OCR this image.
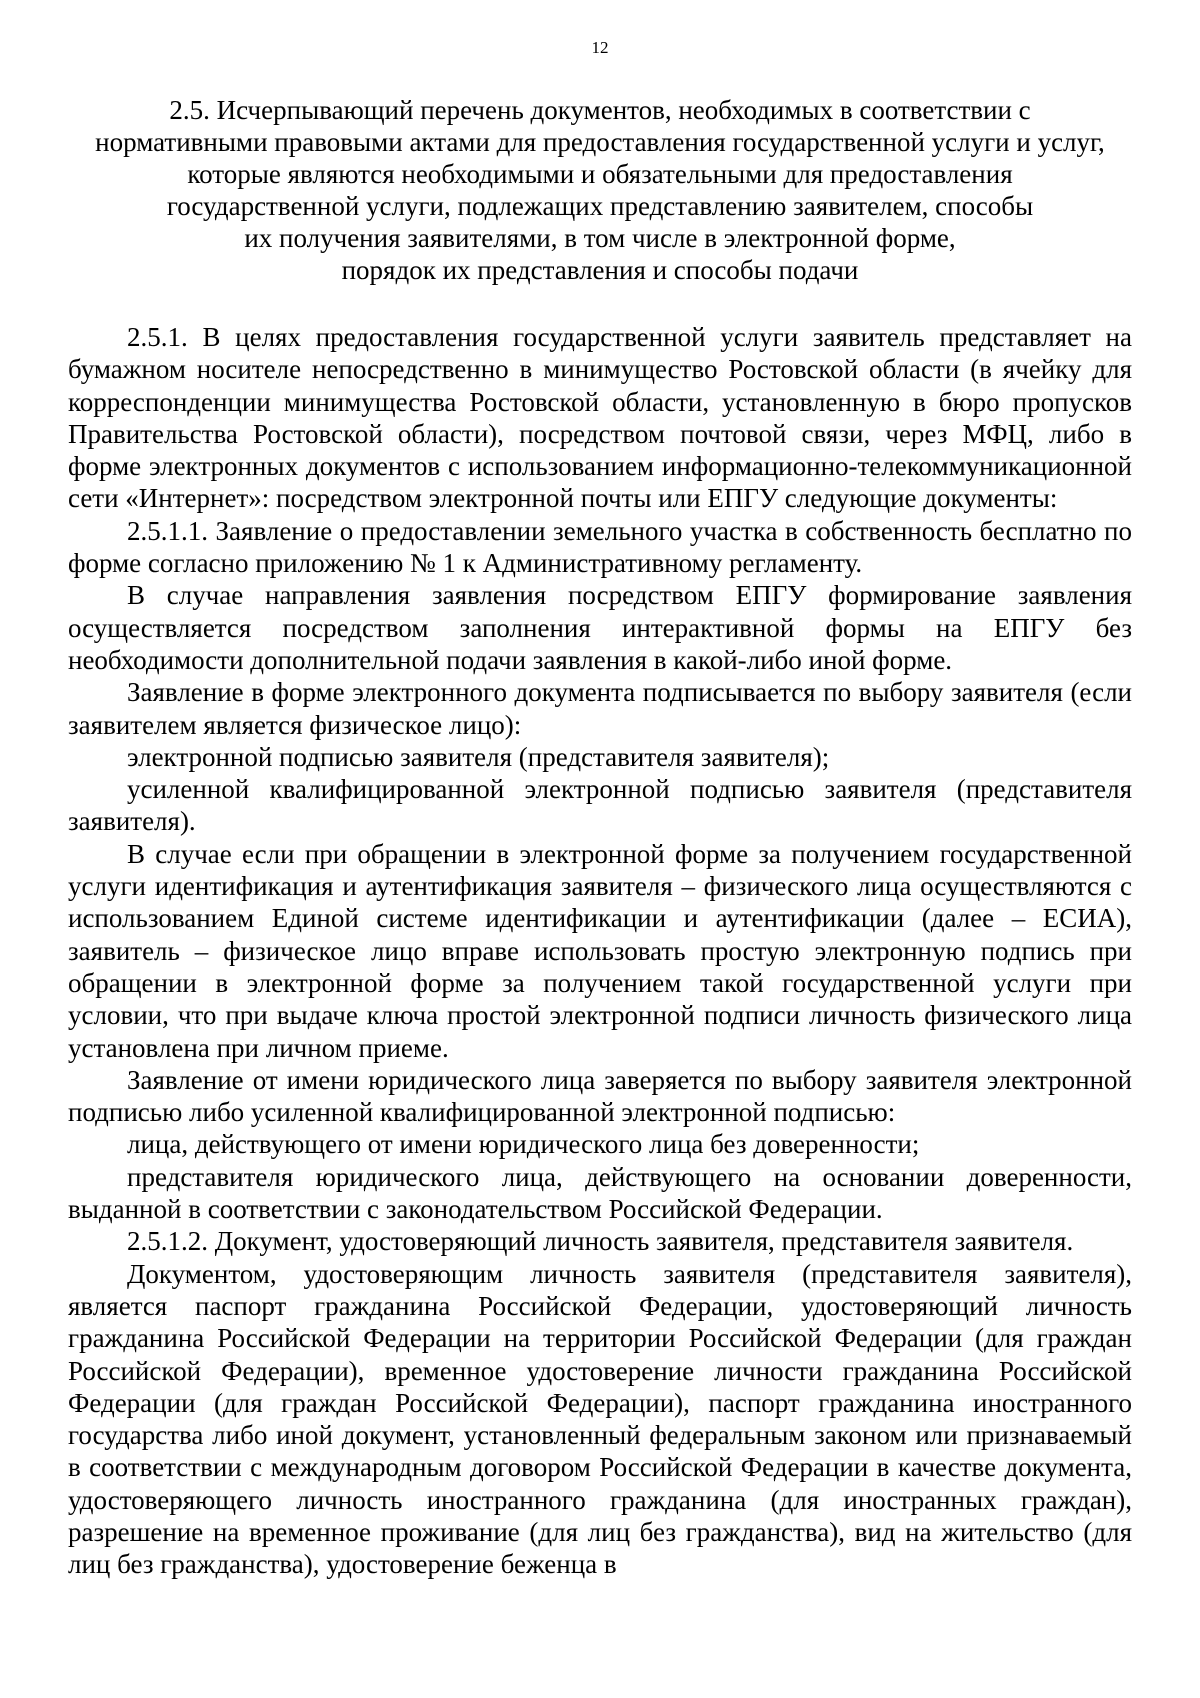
12
2.5. Исчерпывающий перечень документов, необходимых в соответствии с
нормативными правовыми актами для предоставления государственной услуги и услуг,
которые являются необходимыми и обязательными для предоставления
государственной услуги, подлежащих представлению заявителем, способы
их получения заявителями, в том числе в электронной форме,
порядок их представления и способы подачи

2.5.1. В целях предоставления государственной услуги заявитель представляет на бумажном носителе непосредственно в минимущество Ростовской области (в ячейку для корреспонденции минимущества Ростовской области, установленную в бюро пропусков Правительства Ростовской области), посредством почтовой связи, через МФЦ, либо в форме электронных документов с использованием информационно-телекоммуникационной сети «Интернет»: посредством электронной почты или ЕПГУ следующие документы:

2.5.1.1. Заявление о предоставлении земельного участка в собственность бесплатно по форме согласно приложению № 1 к Административному регламенту.

В случае направления заявления посредством ЕПГУ формирование заявления осуществляется посредством заполнения интерактивной формы на ЕПГУ без необходимости дополнительной подачи заявления в какой-либо иной форме.

Заявление в форме электронного документа подписывается по выбору заявителя (если заявителем является физическое лицо):

электронной подписью заявителя (представителя заявителя);

усиленной квалифицированной электронной подписью заявителя (представителя заявителя).

В случае если при обращении в электронной форме за получением государственной услуги идентификация и аутентификация заявителя – физического лица осуществляются с использованием Единой системе идентификации и аутентификации (далее – ЕСИА), заявитель – физическое лицо вправе использовать простую электронную подпись при обращении в электронной форме за получением такой государственной услуги при условии, что при выдаче ключа простой электронной подписи личность физического лица установлена при личном приеме.

Заявление от имени юридического лица заверяется по выбору заявителя электронной подписью либо усиленной квалифицированной электронной подписью:

лица, действующего от имени юридического лица без доверенности;

представителя юридического лица, действующего на основании доверенности, выданной в соответствии с законодательством Российской Федерации.

2.5.1.2. Документ, удостоверяющий личность заявителя, представителя заявителя.

Документом, удостоверяющим личность заявителя (представителя заявителя), является паспорт гражданина Российской Федерации, удостоверяющий личность гражданина Российской Федерации на территории Российской Федерации (для граждан Российской Федерации), временное удостоверение личности гражданина Российской Федерации (для граждан Российской Федерации), паспорт гражданина иностранного государства либо иной документ, установленный федеральным законом или признаваемый в соответствии с международным договором Российской Федерации в качестве документа, удостоверяющего личность иностранного гражданина (для иностранных граждан), разрешение на временное проживание (для лиц без гражданства), вид на жительство (для лиц без гражданства), удостоверение беженца в
